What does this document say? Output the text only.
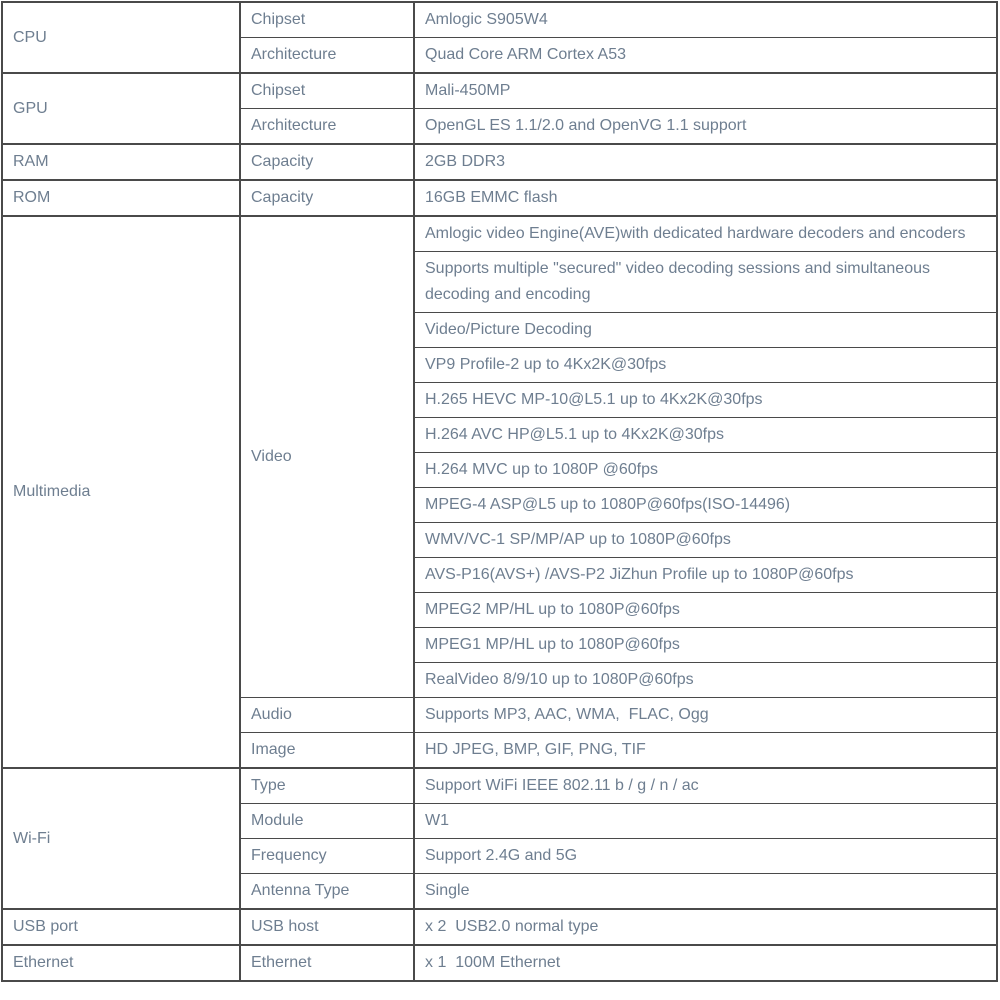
CPU	Chipset	Amlogic S905W4
	Architecture	Quad Core ARM Cortex A53
GPU	Chipset	Mali-450MP
	Architecture	OpenGL ES 1.1/2.0 and OpenVG 1.1 support
RAM	Capacity	2GB DDR3
ROM	Capacity	16GB EMMC flash
Multimedia	Video	Amlogic video Engine(AVE)with dedicated hardware decoders and encoders
		Supports multiple "secured" video decoding sessions and simultaneous decoding and encoding
		Video/Picture Decoding
		VP9 Profile-2 up to 4Kx2K@30fps
		H.265 HEVC MP-10@L5.1 up to 4Kx2K@30fps
		H.264 AVC HP@L5.1 up to 4Kx2K@30fps
		H.264 MVC up to 1080P @60fps
		MPEG-4 ASP@L5 up to 1080P@60fps(ISO-14496)
		WMV/VC-1 SP/MP/AP up to 1080P@60fps
		AVS-P16(AVS+) /AVS-P2 JiZhun Profile up to 1080P@60fps
		MPEG2 MP/HL up to 1080P@60fps
		MPEG1 MP/HL up to 1080P@60fps
		RealVideo 8/9/10 up to 1080P@60fps
	Audio	Supports MP3, AAC, WMA,  FLAC, Ogg
	Image	HD JPEG, BMP, GIF, PNG, TIF
Wi-Fi	Type	Support WiFi IEEE 802.11 b / g / n / ac
	Module	W1
	Frequency	Support 2.4G and 5G
	Antenna Type	Single
USB port	USB host	x 2  USB2.0 normal type
Ethernet	Ethernet	x 1  100M Ethernet
